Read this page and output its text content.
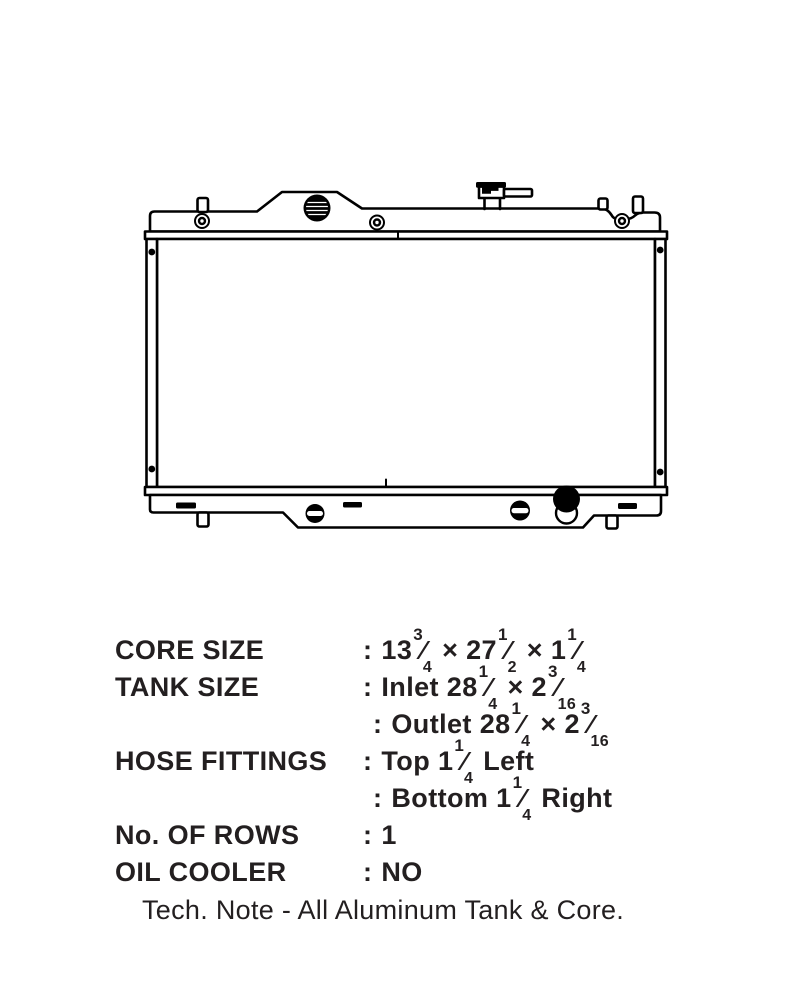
CORE SIZE	: $13^3⁄_4$ × $27^1⁄_2$ × $1^1⁄_4$
TANK SIZE	: Inlet $28^1⁄_4$ × $2^3⁄_{16}$
: Outlet $28^1⁄_4$ × $2^3⁄_{16}$
HOSE FITTINGS	: Top $1^1⁄_4$ Left
: Bottom $1^1⁄_4$ Right
No. OF ROWS	: 1
OIL COOLER	: NO
Tech. Note - All Aluminum Tank & Core.
